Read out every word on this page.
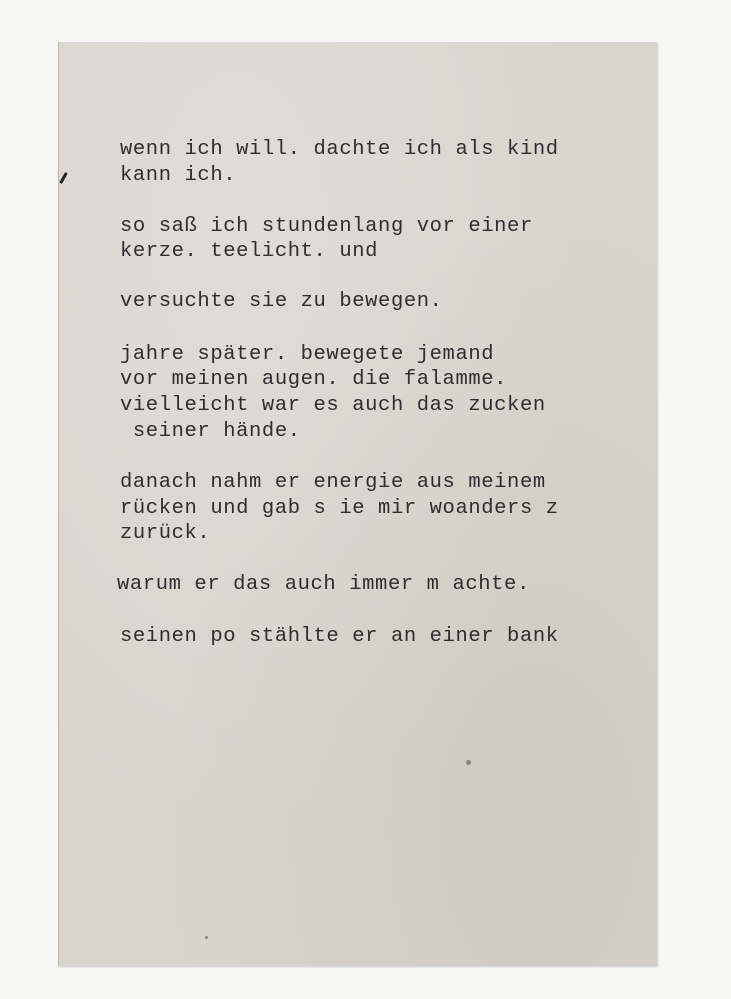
wenn ich will. dachte ich als kind
kann ich.
so saß ich stundenlang vor einer
kerze. teelicht. und
versuchte sie zu bewegen.
jahre später. bewegete jemand
vor meinen augen. die falamme.
vielleicht war es auch das zucken
seiner hände.
danach nahm er energie aus meinem
rücken und gab s ie mir woanders z
zurück.
warum er das auch immer m achte.
seinen po stählte er an einer bank
